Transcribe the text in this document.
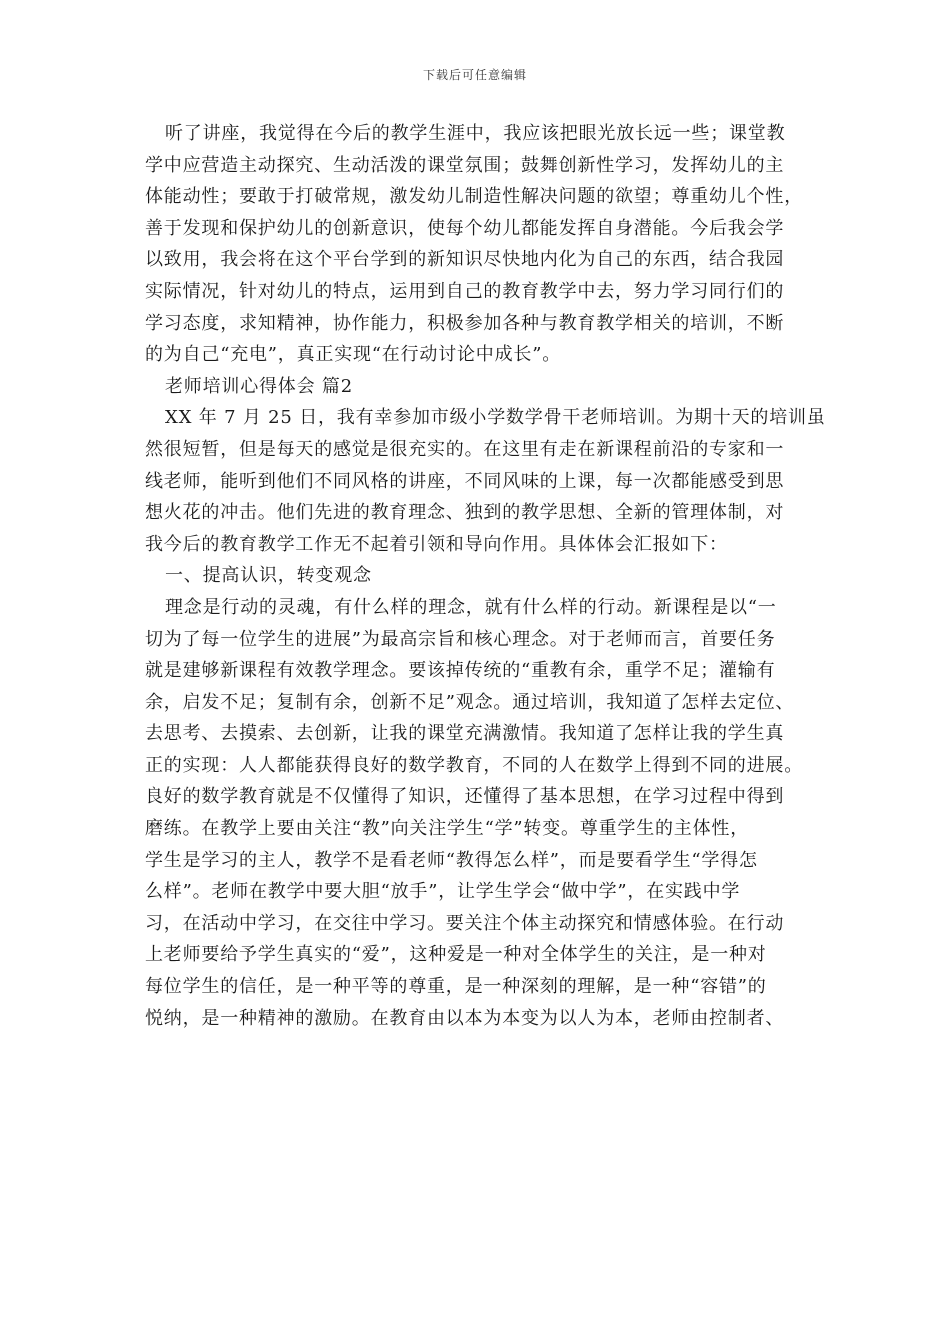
下载后可任意编辑

听了讲座，我觉得在今后的教学生涯中，我应该把眼光放长远一些；课堂教
学中应营造主动探究、生动活泼的课堂氛围；鼓舞创新性学习，发挥幼儿的主
体能动性；要敢于打破常规，激发幼儿制造性解决问题的欲望；尊重幼儿个性，
善于发现和保护幼儿的创新意识，使每个幼儿都能发挥自身潜能。今后我会学
以致用，我会将在这个平台学到的新知识尽快地内化为自己的东西，结合我园
实际情况，针对幼儿的特点，运用到自己的教育教学中去，努力学习同行们的
学习态度，求知精神，协作能力，积极参加各种与教育教学相关的培训，不断
的为自己“充电”，真正实现“在行动讨论中成长”。

老师培训心得体会 篇2

XX 年 7 月 25 日，我有幸参加市级小学数学骨干老师培训。为期十天的培训虽
然很短暂，但是每天的感觉是很充实的。在这里有走在新课程前沿的专家和一
线老师，能听到他们不同风格的讲座，不同风味的上课，每一次都能感受到思
想火花的冲击。他们先进的教育理念、独到的教学思想、全新的管理体制，对
我今后的教育教学工作无不起着引领和导向作用。具体体会汇报如下：

一、提高认识，转变观念

理念是行动的灵魂，有什么样的理念，就有什么样的行动。新课程是以“一
切为了每一位学生的进展”为最高宗旨和核心理念。对于老师而言，首要任务
就是建够新课程有效教学理念。要该掉传统的“重教有余，重学不足；灌输有
余，启发不足；复制有余，创新不足”观念。通过培训，我知道了怎样去定位、
去思考、去摸索、去创新，让我的课堂充满激情。我知道了怎样让我的学生真
正的实现：人人都能获得良好的数学教育，不同的人在数学上得到不同的进展。
良好的数学教育就是不仅懂得了知识，还懂得了基本思想，在学习过程中得到
磨练。在教学上要由关注“教”向关注学生“学”转变。尊重学生的主体性，
学生是学习的主人，教学不是看老师“教得怎么样”，而是要看学生“学得怎
么样”。老师在教学中要大胆“放手”，让学生学会“做中学”，在实践中学
习，在活动中学习，在交往中学习。要关注个体主动探究和情感体验。在行动
上老师要给予学生真实的“爱”，这种爱是一种对全体学生的关注，是一种对
每位学生的信任，是一种平等的尊重，是一种深刻的理解，是一种“容错”的
悦纳，是一种精神的激励。在教育由以本为本变为以人为本，老师由控制者、
